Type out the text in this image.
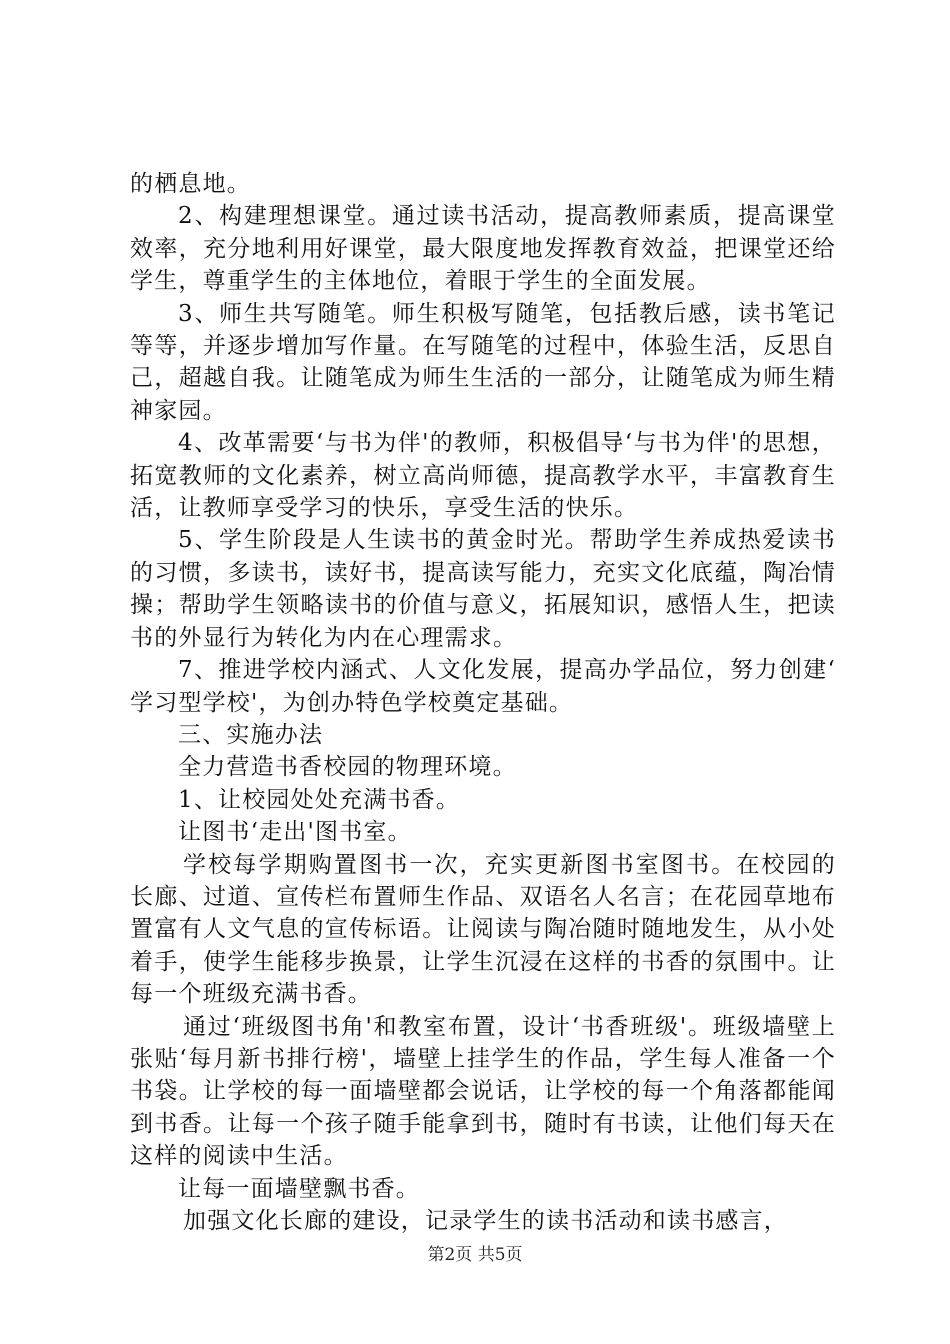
的栖息地。

2、构建理想课堂。通过读书活动，提高教师素质，提高课堂效率，充分地利用好课堂，最大限度地发挥教育效益，把课堂还给学生，尊重学生的主体地位，着眼于学生的全面发展。

3、师生共写随笔。师生积极写随笔，包括教后感，读书笔记等等，并逐步增加写作量。在写随笔的过程中，体验生活，反思自己，超越自我。让随笔成为师生生活的一部分，让随笔成为师生精神家园。

4、改革需要‘与书为伴'的教师，积极倡导‘与书为伴'的思想，拓宽教师的文化素养，树立高尚师德，提高教学水平，丰富教育生活，让教师享受学习的快乐，享受生活的快乐。

5、学生阶段是人生读书的黄金时光。帮助学生养成热爱读书的习惯，多读书，读好书，提高读写能力，充实文化底蕴，陶冶情操；帮助学生领略读书的价值与意义，拓展知识，感悟人生，把读书的外显行为转化为内在心理需求。

7、推进学校内涵式、人文化发展，提高办学品位，努力创建‘学习型学校'，为创办特色学校奠定基础。

三、实施办法

全力营造书香校园的物理环境。

1、让校园处处充满书香。

让图书‘走出'图书室。

学校每学期购置图书一次，充实更新图书室图书。在校园的长廊、过道、宣传栏布置师生作品、双语名人名言；在花园草地布置富有人文气息的宣传标语。让阅读与陶冶随时随地发生，从小处着手，使学生能移步换景，让学生沉浸在这样的书香的氛围中。让每一个班级充满书香。

通过‘班级图书角'和教室布置，设计‘书香班级'。班级墙壁上张贴‘每月新书排行榜'，墙壁上挂学生的作品，学生每人准备一个书袋。让学校的每一面墙壁都会说话，让学校的每一个角落都能闻到书香。让每一个孩子随手能拿到书，随时有书读，让他们每天在这样的阅读中生活。

让每一面墙壁飘书香。

加强文化长廊的建设，记录学生的读书活动和读书感言，

第2页 共5页
